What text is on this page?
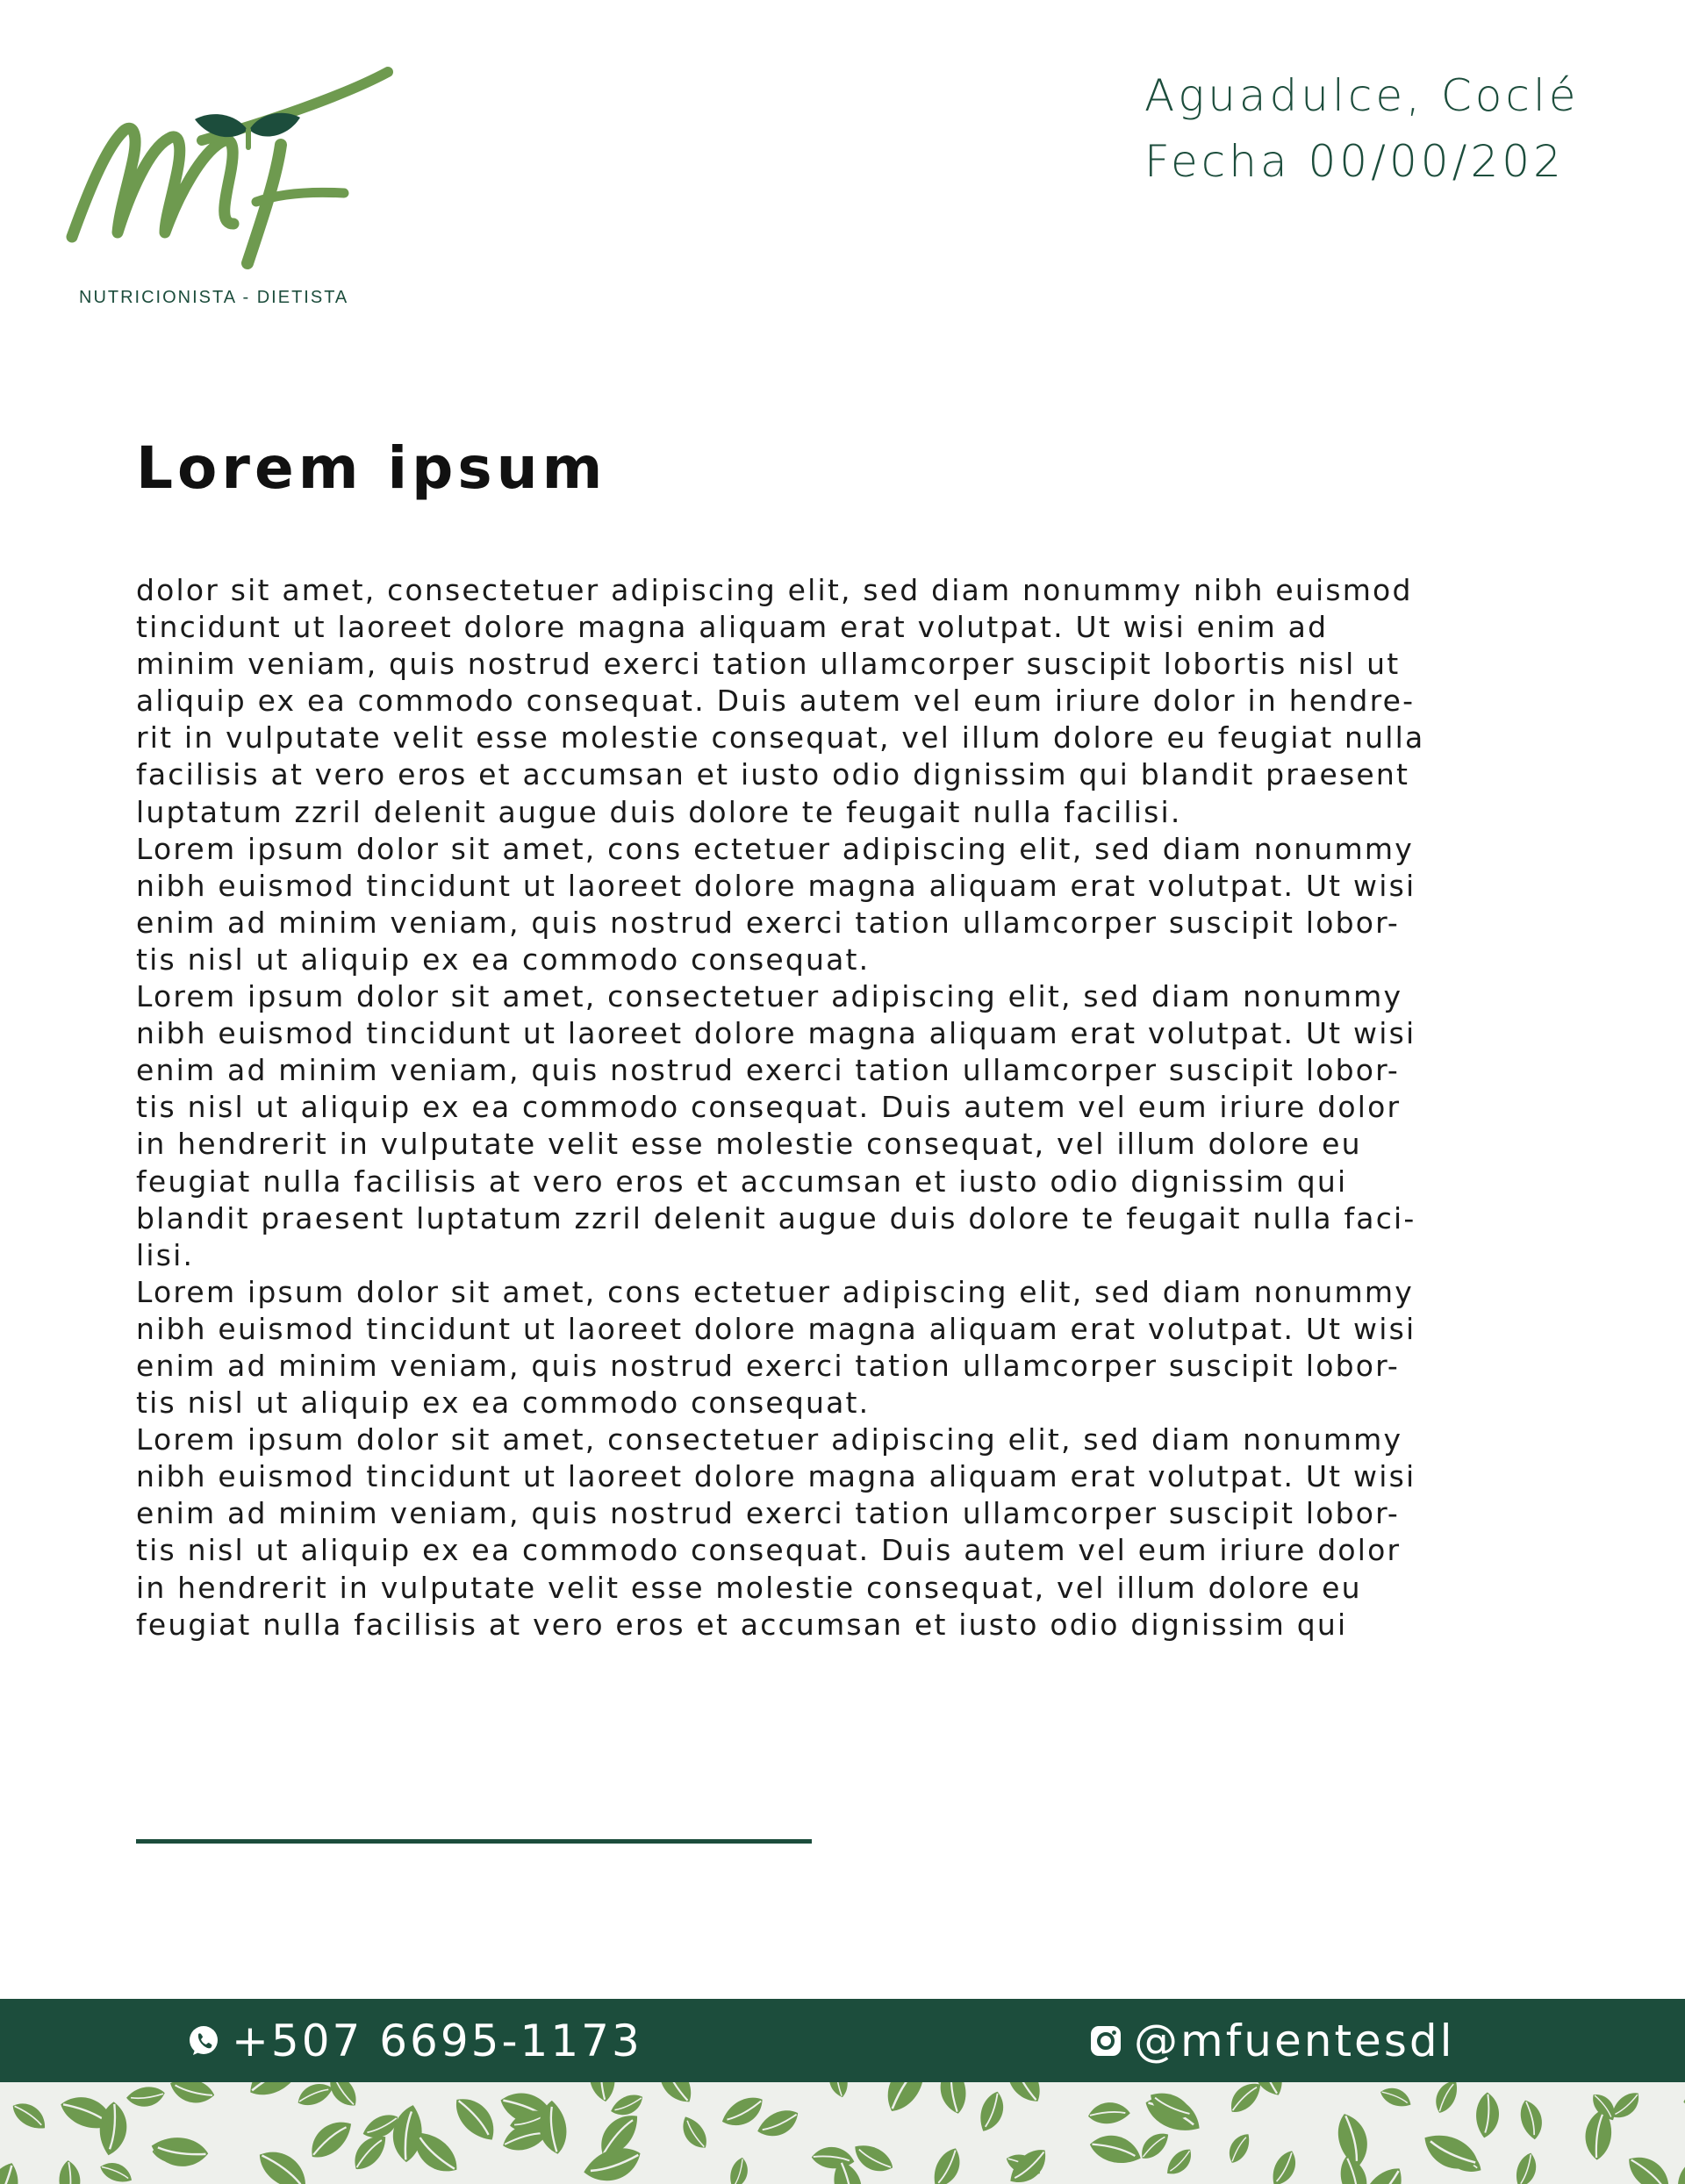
NUTRICIONISTA - DIETISTA
Aguadulce, Coclé
Fecha 00/00/202
Lorem ipsum
dolor sit amet, consectetuer adipiscing elit, sed diam nonummy nibh euismod
tincidunt ut laoreet dolore magna aliquam erat volutpat. Ut wisi enim ad
minim veniam, quis nostrud exerci tation ullamcorper suscipit lobortis nisl ut
aliquip ex ea commodo consequat. Duis autem vel eum iriure dolor in hendre-
rit in vulputate velit esse molestie consequat, vel illum dolore eu feugiat nulla
facilisis at vero eros et accumsan et iusto odio dignissim qui blandit praesent
luptatum zzril delenit augue duis dolore te feugait nulla facilisi.
Lorem ipsum dolor sit amet, cons ectetuer adipiscing elit, sed diam nonummy
nibh euismod tincidunt ut laoreet dolore magna aliquam erat volutpat. Ut wisi
enim ad minim veniam, quis nostrud exerci tation ullamcorper suscipit lobor-
tis nisl ut aliquip ex ea commodo consequat.
Lorem ipsum dolor sit amet, consectetuer adipiscing elit, sed diam nonummy
nibh euismod tincidunt ut laoreet dolore magna aliquam erat volutpat. Ut wisi
enim ad minim veniam, quis nostrud exerci tation ullamcorper suscipit lobor-
tis nisl ut aliquip ex ea commodo consequat. Duis autem vel eum iriure dolor
in hendrerit in vulputate velit esse molestie consequat, vel illum dolore eu
feugiat nulla facilisis at vero eros et accumsan et iusto odio dignissim qui
blandit praesent luptatum zzril delenit augue duis dolore te feugait nulla faci-
lisi.
Lorem ipsum dolor sit amet, cons ectetuer adipiscing elit, sed diam nonummy
nibh euismod tincidunt ut laoreet dolore magna aliquam erat volutpat. Ut wisi
enim ad minim veniam, quis nostrud exerci tation ullamcorper suscipit lobor-
tis nisl ut aliquip ex ea commodo consequat.
Lorem ipsum dolor sit amet, consectetuer adipiscing elit, sed diam nonummy
nibh euismod tincidunt ut laoreet dolore magna aliquam erat volutpat. Ut wisi
enim ad minim veniam, quis nostrud exerci tation ullamcorper suscipit lobor-
tis nisl ut aliquip ex ea commodo consequat. Duis autem vel eum iriure dolor
in hendrerit in vulputate velit esse molestie consequat, vel illum dolore eu
feugiat nulla facilisis at vero eros et accumsan et iusto odio dignissim qui
+507 6695-1173	@mfuentesdl
